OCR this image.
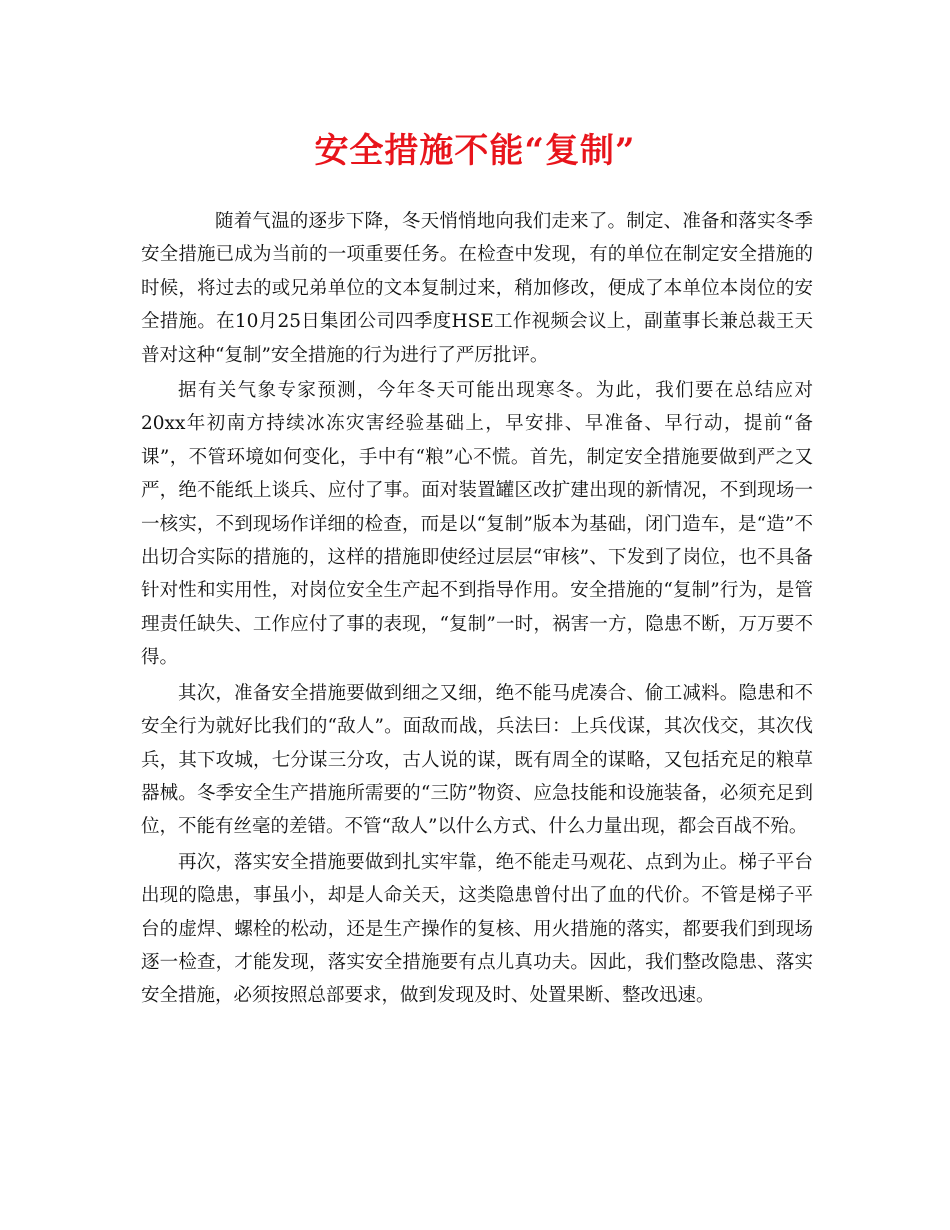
安全措施不能“复制”

随着气温的逐步下降，冬天悄悄地向我们走来了。制定、准备和落实冬季安全措施已成为当前的一项重要任务。在检查中发现，有的单位在制定安全措施的时候，将过去的或兄弟单位的文本复制过来，稍加修改，便成了本单位本岗位的安全措施。在10月25日集团公司四季度HSE工作视频会议上，副董事长兼总裁王天普对这种“复制”安全措施的行为进行了严厉批评。

据有关气象专家预测，今年冬天可能出现寒冬。为此，我们要在总结应对20xx年初南方持续冰冻灾害经验基础上，早安排、早准备、早行动，提前“备课”，不管环境如何变化，手中有“粮”心不慌。首先，制定安全措施要做到严之又严，绝不能纸上谈兵、应付了事。面对装置罐区改扩建出现的新情况，不到现场一一核实，不到现场作详细的检查，而是以“复制”版本为基础，闭门造车，是“造”不出切合实际的措施的，这样的措施即使经过层层“审核”、下发到了岗位，也不具备针对性和实用性，对岗位安全生产起不到指导作用。安全措施的“复制”行为，是管理责任缺失、工作应付了事的表现，“复制”一时，祸害一方，隐患不断，万万要不得。

其次，准备安全措施要做到细之又细，绝不能马虎凑合、偷工减料。隐患和不安全行为就好比我们的“敌人”。面敌而战，兵法曰：上兵伐谋，其次伐交，其次伐兵，其下攻城，七分谋三分攻，古人说的谋，既有周全的谋略，又包括充足的粮草器械。冬季安全生产措施所需要的“三防”物资、应急技能和设施装备，必须充足到位，不能有丝毫的差错。不管“敌人”以什么方式、什么力量出现，都会百战不殆。

再次，落实安全措施要做到扎实牢靠，绝不能走马观花、点到为止。梯子平台出现的隐患，事虽小，却是人命关天，这类隐患曾付出了血的代价。不管是梯子平台的虚焊、螺栓的松动，还是生产操作的复核、用火措施的落实，都要我们到现场逐一检查，才能发现，落实安全措施要有点儿真功夫。因此，我们整改隐患、落实安全措施，必须按照总部要求，做到发现及时、处置果断、整改迅速。
